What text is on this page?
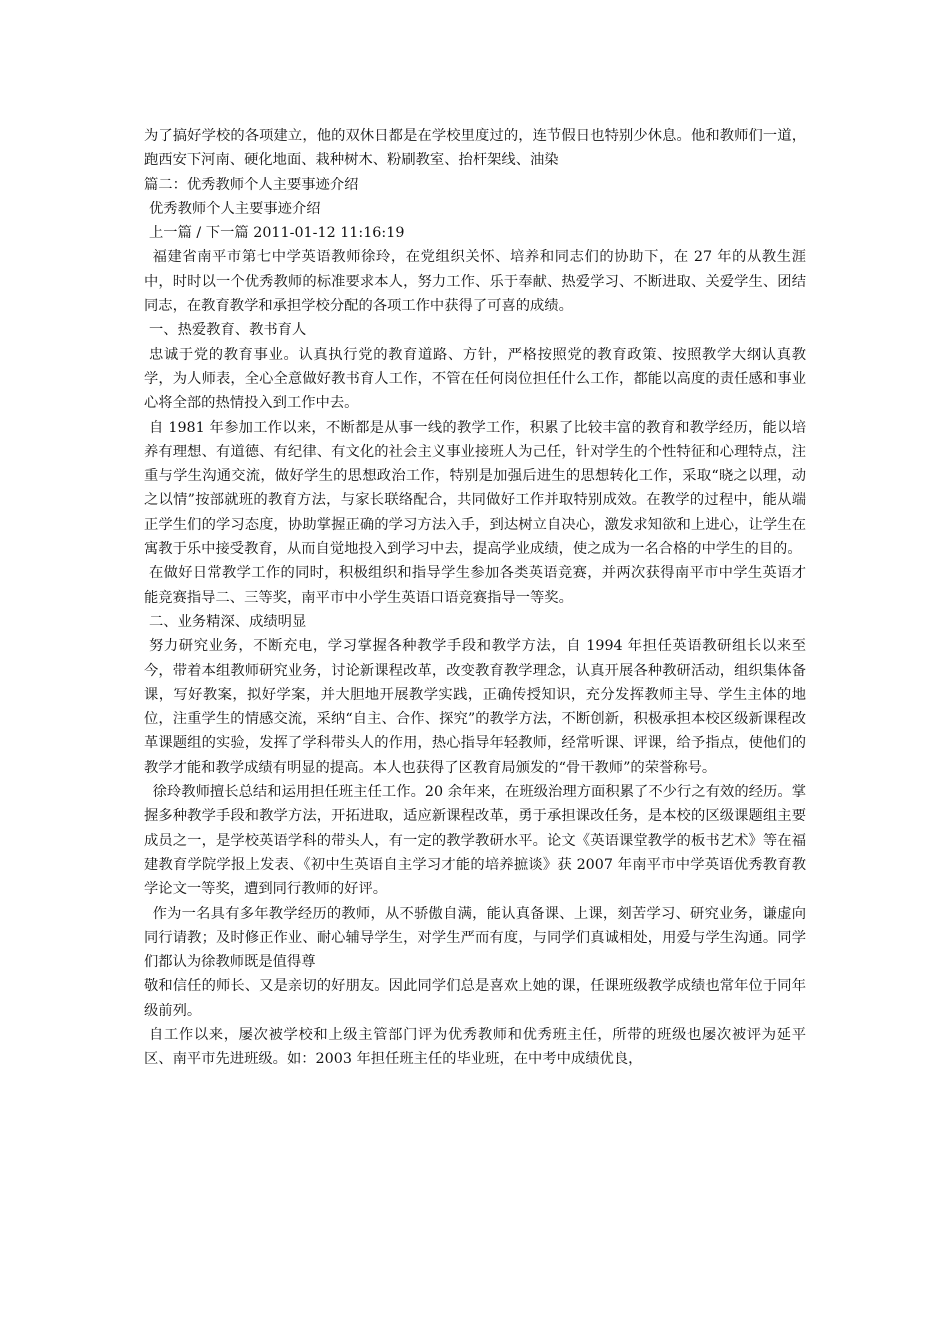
为了搞好学校的各项建立，他的双休日都是在学校里度过的，连节假日也特别少休息。他和教师们一道，跑西安下河南、硬化地面、栽种树木、粉刷教室、抬杆架线、油染

篇二：优秀教师个人主要事迹介绍

优秀教师个人主要事迹介绍

上一篇 / 下一篇 2011-01-12 11:16:19

福建省南平市第七中学英语教师徐玲，在党组织关怀、培养和同志们的协助下，在 27 年的从教生涯中，时时以一个优秀教师的标准要求本人，努力工作、乐于奉献、热爱学习、不断进取、关爱学生、团结同志，在教育教学和承担学校分配的各项工作中获得了可喜的成绩。

一、热爱教育、教书育人

忠诚于党的教育事业。认真执行党的教育道路、方针，严格按照党的教育政策、按照教学大纲认真教学，为人师表，全心全意做好教书育人工作，不管在任何岗位担任什么工作，都能以高度的责任感和事业心将全部的热情投入到工作中去。

自 1981 年参加工作以来，不断都是从事一线的教学工作，积累了比较丰富的教育和教学经历，能以培养有理想、有道德、有纪律、有文化的社会主义事业接班人为己任，针对学生的个性特征和心理特点，注重与学生沟通交流，做好学生的思想政治工作，特别是加强后进生的思想转化工作，采取“晓之以理，动之以情”按部就班的教育方法，与家长联络配合，共同做好工作并取特别成效。在教学的过程中，能从端正学生们的学习态度，协助掌握正确的学习方法入手，到达树立自决心，激发求知欲和上进心，让学生在寓教于乐中接受教育，从而自觉地投入到学习中去，提高学业成绩，使之成为一名合格的中学生的目的。

在做好日常教学工作的同时，积极组织和指导学生参加各类英语竞赛，并两次获得南平市中学生英语才能竞赛指导二、三等奖，南平市中小学生英语口语竞赛指导一等奖。

二、业务精深、成绩明显

努力研究业务，不断充电，学习掌握各种教学手段和教学方法，自 1994 年担任英语教研组长以来至今，带着本组教师研究业务，讨论新课程改革，改变教育教学理念，认真开展各种教研活动，组织集体备课，写好教案，拟好学案，并大胆地开展教学实践，正确传授知识，充分发挥教师主导、学生主体的地位，注重学生的情感交流，采纳“自主、合作、探究”的教学方法，不断创新，积极承担本校区级新课程改革课题组的实验，发挥了学科带头人的作用，热心指导年轻教师，经常听课、评课，给予指点，使他们的教学才能和教学成绩有明显的提高。本人也获得了区教育局颁发的“骨干教师”的荣誉称号。

徐玲教师擅长总结和运用担任班主任工作。20 余年来，在班级治理方面积累了不少行之有效的经历。掌握多种教学手段和教学方法，开拓进取，适应新课程改革，勇于承担课改任务，是本校的区级课题组主要成员之一，是学校英语学科的带头人，有一定的教学教研水平。论文《英语课堂教学的板书艺术》等在福建教育学院学报上发表、《初中生英语自主学习才能的培养摭谈》获 2007 年南平市中学英语优秀教育教学论文一等奖，遭到同行教师的好评。

作为一名具有多年教学经历的教师，从不骄傲自满，能认真备课、上课，刻苦学习、研究业务，谦虚向同行请教；及时修正作业、耐心辅导学生，对学生严而有度，与同学们真诚相处，用爱与学生沟通。同学们都认为徐教师既是值得尊

敬和信任的师长、又是亲切的好朋友。因此同学们总是喜欢上她的课，任课班级教学成绩也常年位于同年级前列。

自工作以来，屡次被学校和上级主管部门评为优秀教师和优秀班主任，所带的班级也屡次被评为延平区、南平市先进班级。如：2003 年担任班主任的毕业班，在中考中成绩优良，
